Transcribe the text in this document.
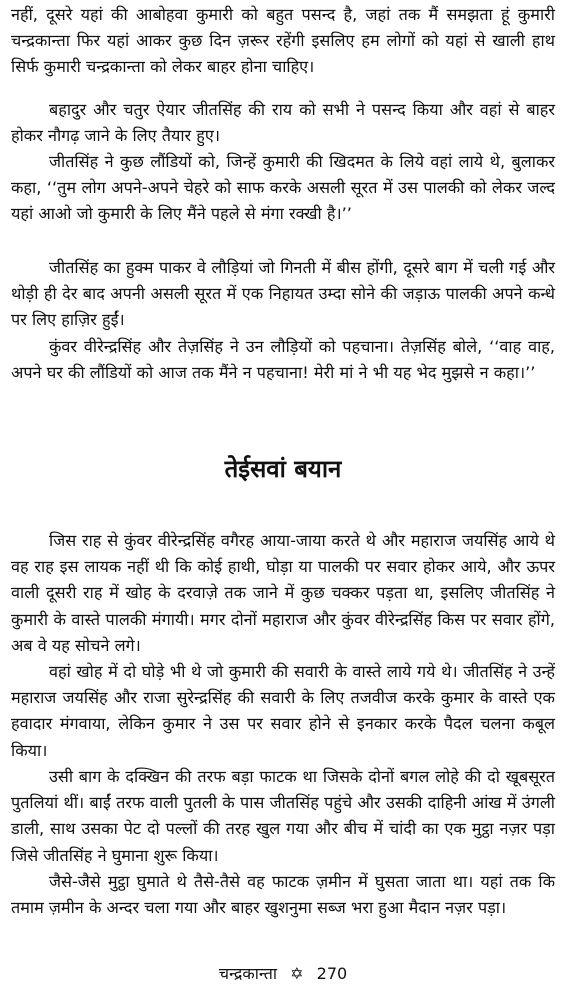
नहीं, दूसरे यहां की आबोहवा कुमारी को बहुत पसन्द है, जहां तक मैं समझता हूं कुमारी चन्द्रकान्ता फिर यहां आकर कुछ दिन ज़रूर रहेंगी इसलिए हम लोगों को यहां से खाली हाथ सिर्फ कुमारी चन्द्रकान्ता को लेकर बाहर होना चाहिए।

बहादुर और चतुर ऐयार जीतसिंह की राय को सभी ने पसन्द किया और वहां से बाहर होकर नौगढ़ जाने के लिए तैयार हुए।

जीतसिंह ने कुछ लौंडियों को, जिन्हें कुमारी की खिदमत के लिये वहां लाये थे, बुलाकर कहा, ‘‘तुम लोग अपने-अपने चेहरे को साफ करके असली सूरत में उस पालकी को लेकर जल्द यहां आओ जो कुमारी के लिए मैंने पहले से मंगा रक्खी है।’’

जीतसिंह का हुक्म पाकर वे लौड़ियां जो गिनती में बीस होंगी, दूसरे बाग में चली गई और थोड़ी ही देर बाद अपनी असली सूरत में एक निहायत उम्दा सोने की जड़ाऊ पालकी अपने कन्धे पर लिए हाज़िर हुईं।

कुंवर वीरेन्द्रसिंह और तेज़सिंह ने उन लौड़ियों को पहचाना। तेज़सिंह बोले, ‘‘वाह वाह, अपने घर की लौंडियों को आज तक मैंने न पहचाना! मेरी मां ने भी यह भेद मुझसे न कहा।’’

तेईसवां बयान

जिस राह से कुंवर वीरेन्द्रसिंह वगैरह आया-जाया करते थे और महाराज जयसिंह आये थे वह राह इस लायक नहीं थी कि कोई हाथी, घोड़ा या पालकी पर सवार होकर आये, और ऊपर वाली दूसरी राह में खोह के दरवाज़े तक जाने में कुछ चक्कर पड़ता था, इसलिए जीतसिंह ने कुमारी के वास्ते पालकी मंगायी। मगर दोनों महाराज और कुंवर वीरेन्द्रसिंह किस पर सवार होंगे, अब वे यह सोचने लगे।

वहां खोह में दो घोड़े भी थे जो कुमारी की सवारी के वास्ते लाये गये थे। जीतसिंह ने उन्हें महाराज जयसिंह और राजा सुरेन्द्रसिंह की सवारी के लिए तजवीज करके कुमार के वास्ते एक हवादार मंगवाया, लेकिन कुमार ने उस पर सवार होने से इनकार करके पैदल चलना कबूल किया।

उसी बाग के दक्खिन की तरफ बड़ा फाटक था जिसके दोनों बगल लोहे की दो खूबसूरत पुतलियां थीं। बाईं तरफ वाली पुतली के पास जीतसिंह पहुंचे और उसकी दाहिनी आंख में उंगली डाली, साथ उसका पेट दो पल्लों की तरह खुल गया और बीच में चांदी का एक मुट्ठा नज़र पड़ा जिसे जीतसिंह ने घुमाना शुरू किया।

जैसे-जैसे मुट्ठा घुमाते थे तैसे-तैसे वह फाटक ज़मीन में घुसता जाता था। यहां तक कि तमाम ज़मीन के अन्दर चला गया और बाहर खुशनुमा सब्ज भरा हुआ मैदान नज़र पड़ा।

चन्द्रकान्ता ✡ 270
